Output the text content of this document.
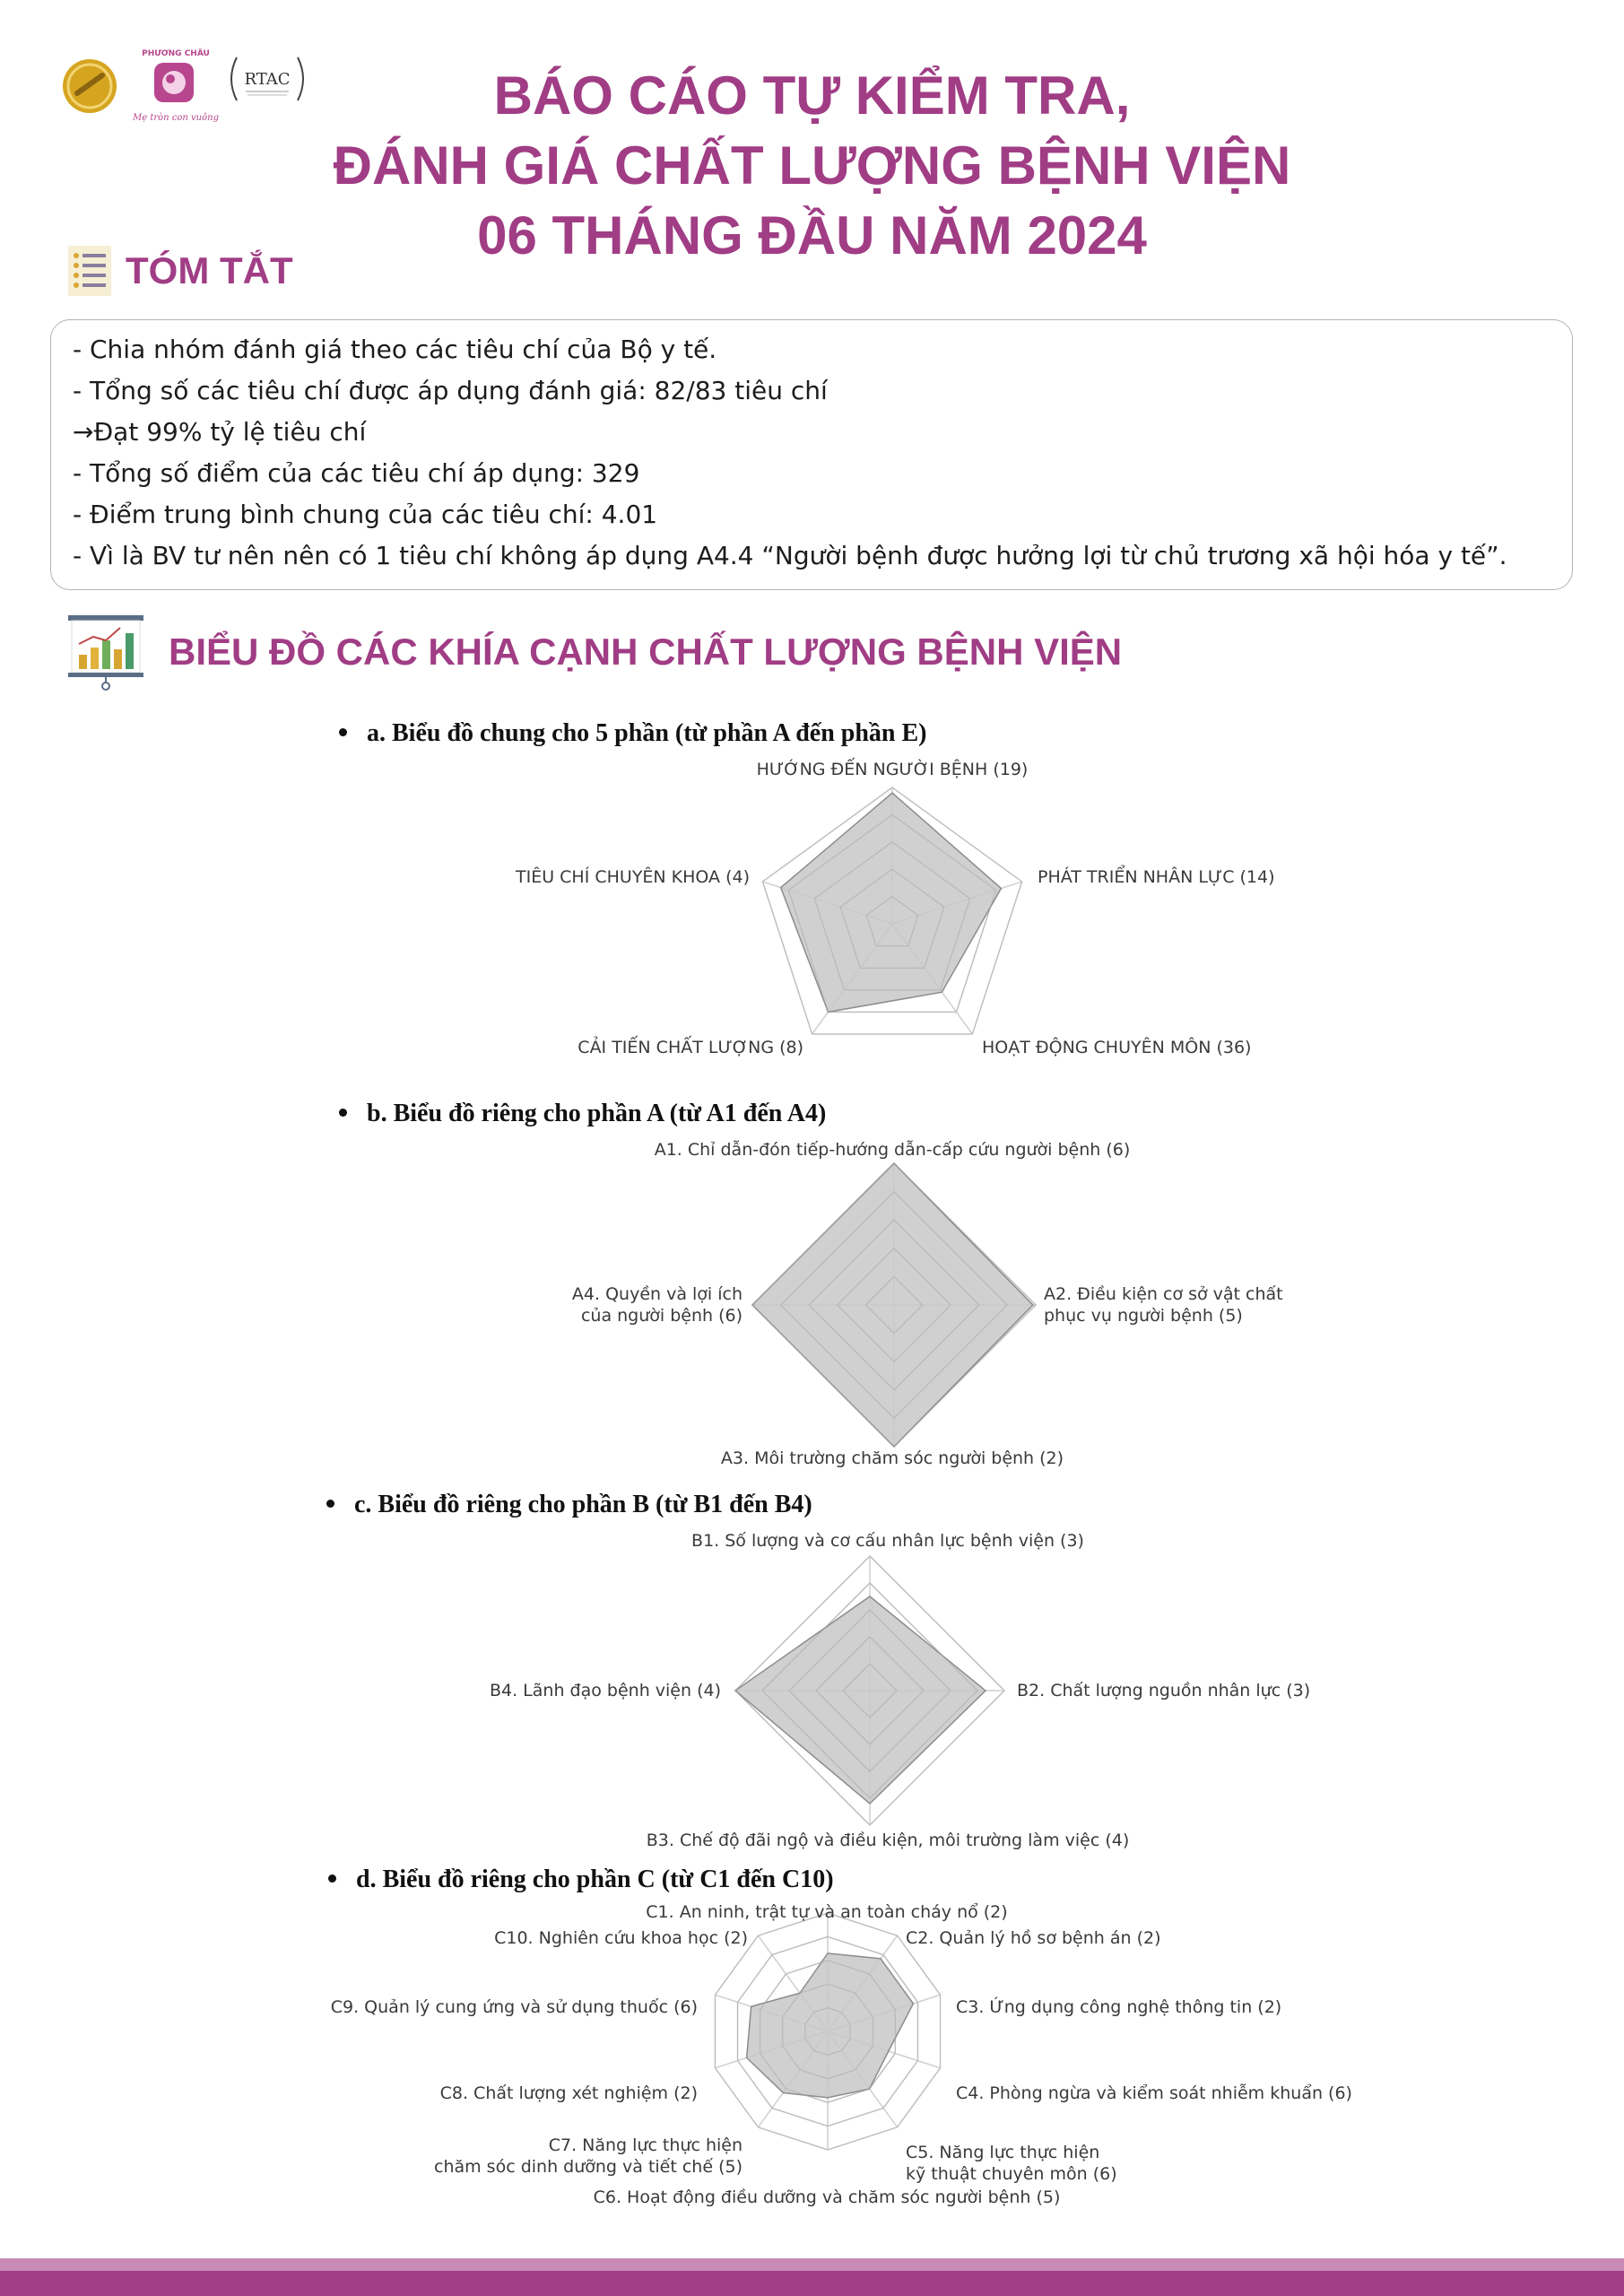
PHƯƠNG CHÂU
Mẹ tròn con vuông
RTAC	BÁO CÁO TỰ KIỂM TRA,
ĐÁNH GIÁ CHẤT LƯỢNG BỆNH VIỆN
06 THÁNG ĐẦU NĂM 2024
TÓM TẮT
- Chia nhóm đánh giá theo các tiêu chí của Bộ y tế.
- Tổng số các tiêu chí được áp dụng đánh giá: 82/83 tiêu chí
→Đạt 99% tỷ lệ tiêu chí
- Tổng số điểm của các tiêu chí áp dụng: 329
- Điểm trung bình chung của các tiêu chí: 4.01
- Vì là BV tư nên nên có 1 tiêu chí không áp dụng A4.4 “Người bệnh được hưởng lợi từ chủ trương xã hội hóa y tế”.
BIỂU ĐỒ CÁC KHÍA CẠNH CHẤT LƯỢNG BỆNH VIỆN
a. Biểu đồ chung cho 5 phần (từ phần A đến phần E)
HƯỚNG ĐẾN NGƯỜI BỆNH (19)
PHÁT TRIỂN NHÂN LỰC (14)
HOẠT ĐỘNG CHUYÊN MÔN (36)
CẢI TIẾN CHẤT LƯỢNG (8)
TIÊU CHÍ CHUYÊN KHOA (4)
b. Biểu đồ riêng cho phần A (từ A1 đến A4)
A1. Chỉ dẫn-đón tiếp-hướng dẫn-cấp cứu người bệnh (6)
A2. Điều kiện cơ sở vật chất phục vụ người bệnh (5)
A3. Môi trường chăm sóc người bệnh (2)
A4. Quyền và lợi ích của người bệnh (6)
c. Biểu đồ riêng cho phần B (từ B1 đến B4)
B1. Số lượng và cơ cấu nhân lực bệnh viện (3)
B2. Chất lượng nguồn nhân lực (3)
B3. Chế độ đãi ngộ và điều kiện, môi trường làm việc (4)
B4. Lãnh đạo bệnh viện (4)
d. Biểu đồ riêng cho phần C (từ C1 đến C10)
C1. An ninh, trật tự và an toàn cháy nổ (2)
C2. Quản lý hồ sơ bệnh án (2)
C3. Ứng dụng công nghệ thông tin (2)
C4. Phòng ngừa và kiểm soát nhiễm khuẩn (6)
C5. Năng lực thực hiện kỹ thuật chuyên môn (6)
C6. Hoạt động điều dưỡng và chăm sóc người bệnh (5)
C7. Năng lực thực hiện chăm sóc dinh dưỡng và tiết chế (5)
C8. Chất lượng xét nghiệm (2)
C9. Quản lý cung ứng và sử dụng thuốc (6)
C10. Nghiên cứu khoa học (2)
